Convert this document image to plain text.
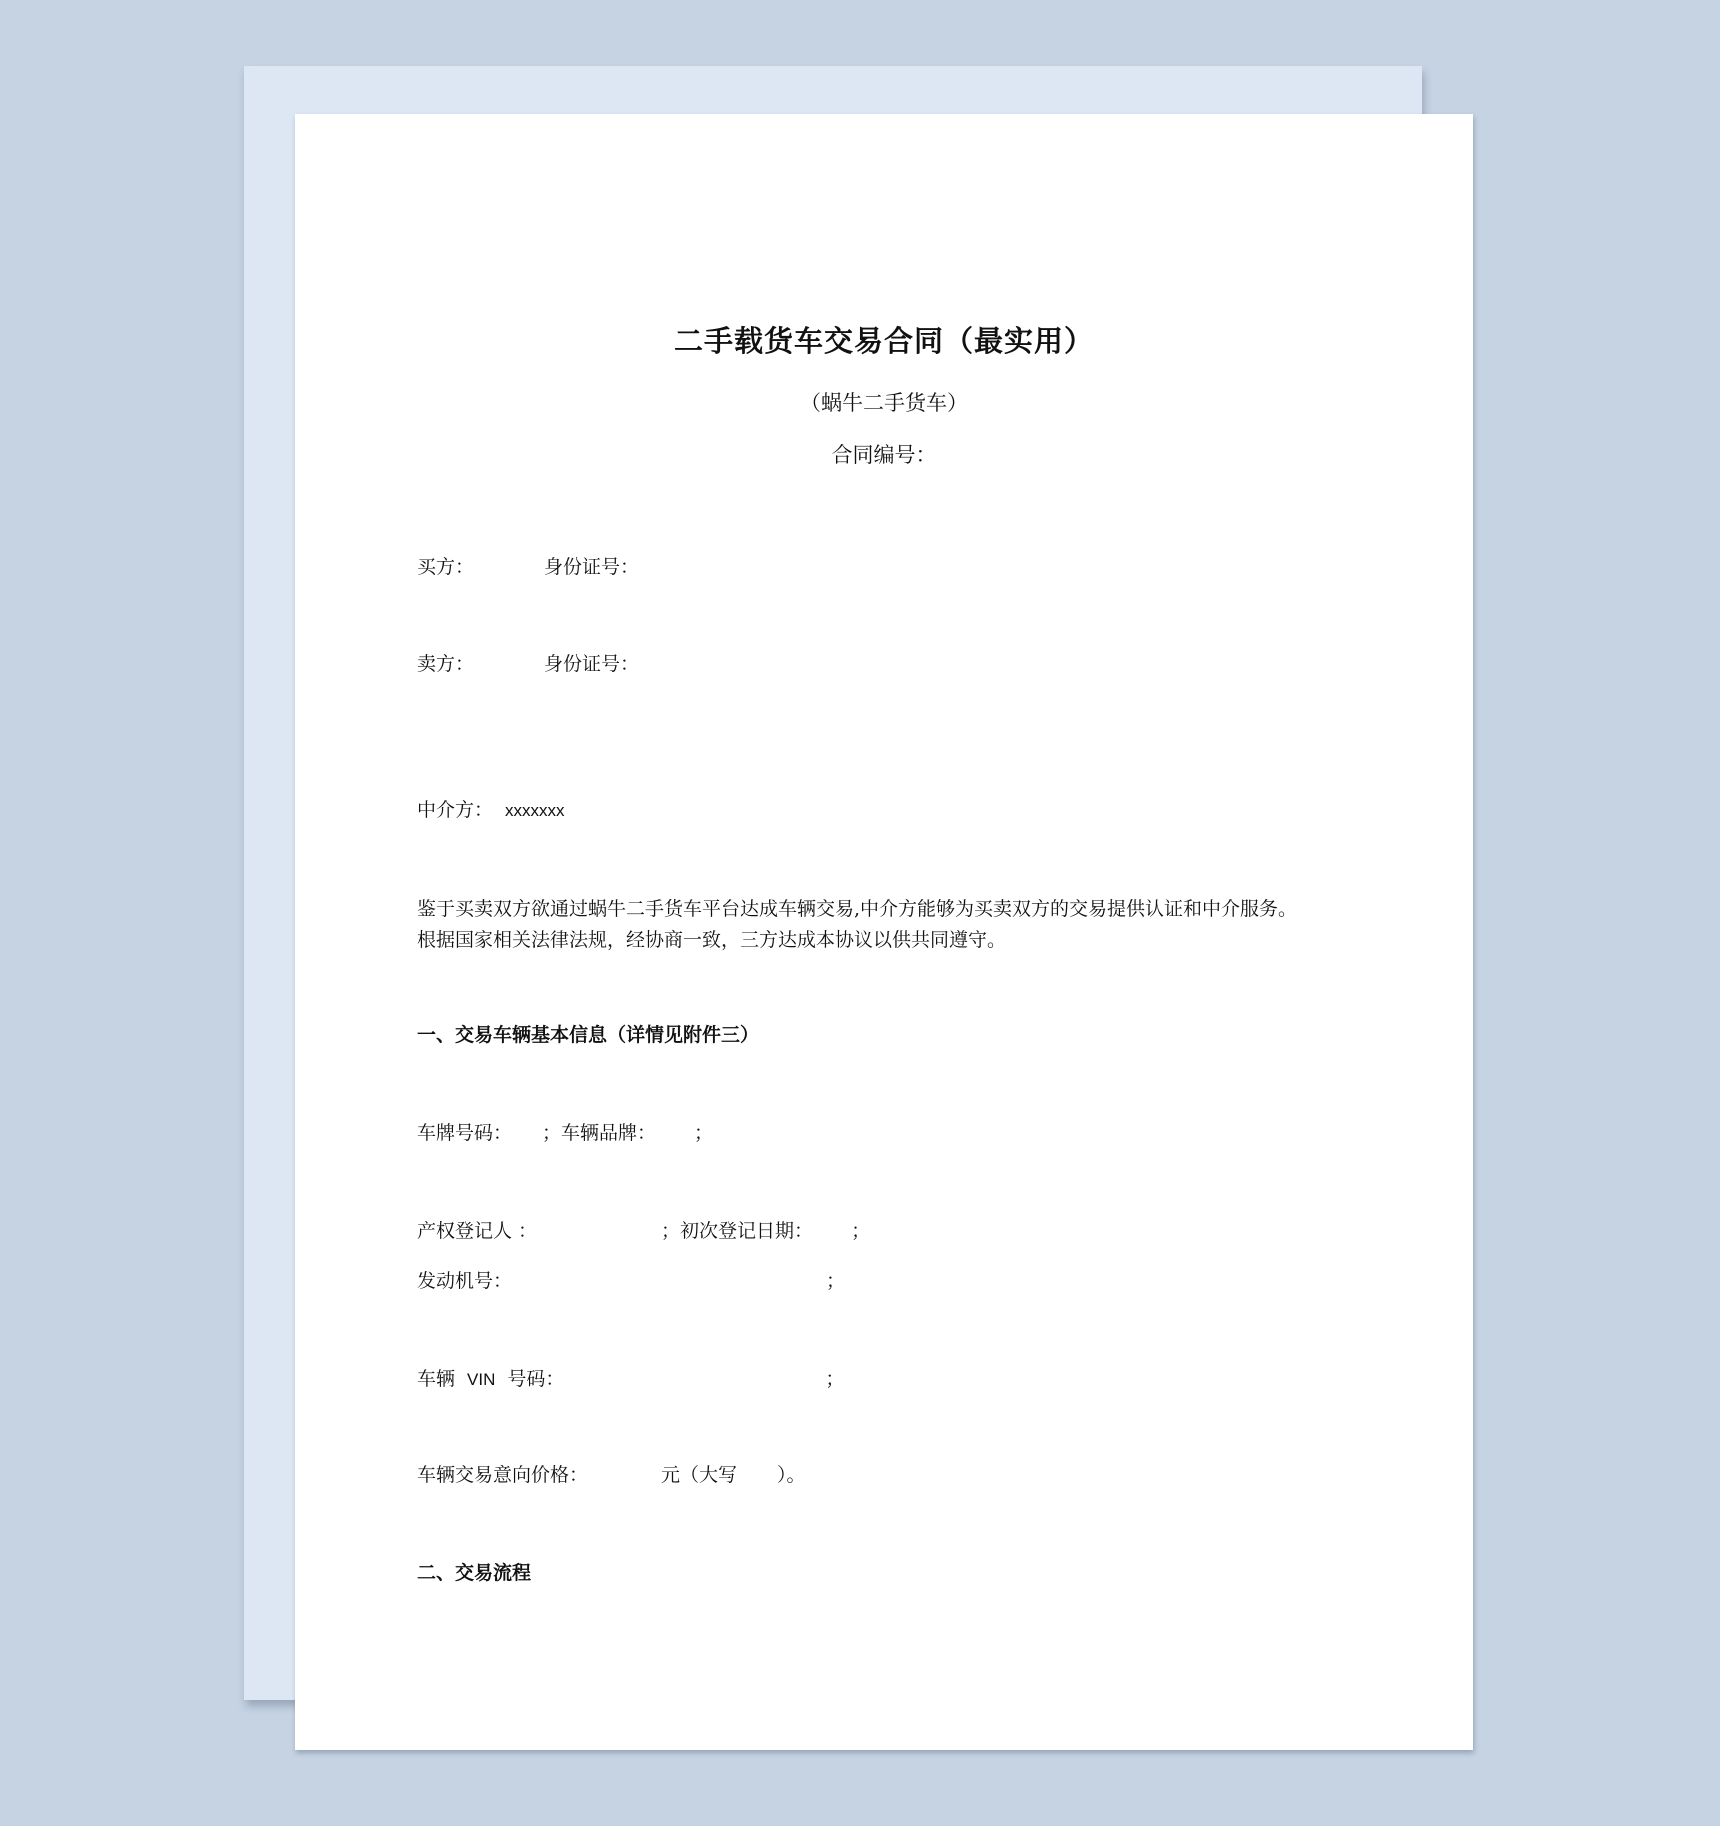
二手载货车交易合同（最实用）
（蜗牛二手货车）
合同编号：
买方：	身份证号：
卖方：	身份证号：
中介方： xxxxxxx
鉴于买卖双方欲通过蜗牛二手货车平台达成车辆交易,中介方能够为买卖双方的交易提供认证和中介服务。
根据国家相关法律法规，经协商一致，三方达成本协议以供共同遵守。
一、交易车辆基本信息（详情见附件三）
车牌号码： ；车辆品牌： ；
产权登记人 ：	；初次登记日期： ；
发动机号：	；
车辆 VIN 号码：	；
车辆交易意向价格：	元（大写 ）。
二、交易流程
